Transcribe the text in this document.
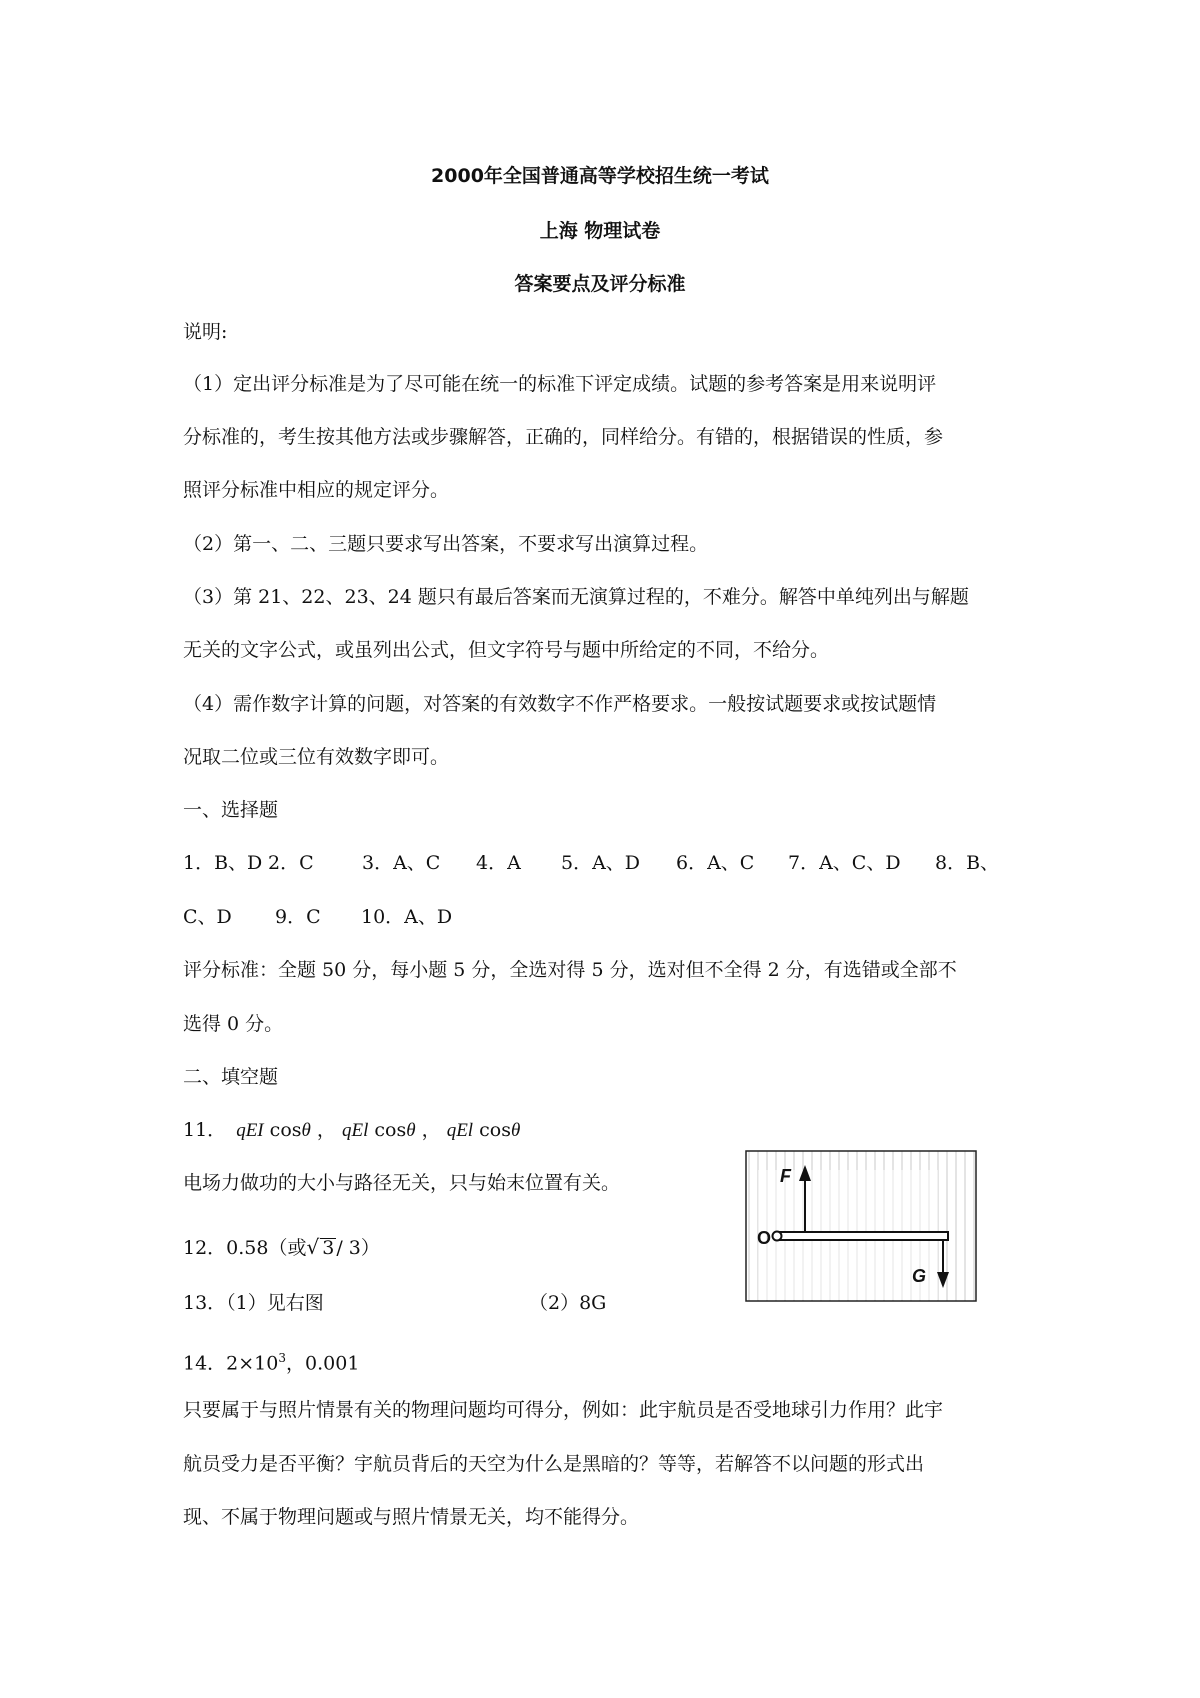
2000年全国普通高等学校招生统一考试
上海 物理试卷
答案要点及评分标准
说明:
（1）定出评分标准是为了尽可能在统一的标准下评定成绩。试题的参考答案是用来说明评
分标准的，考生按其他方法或步骤解答，正确的，同样给分。有错的，根据错误的性质，参
照评分标准中相应的规定评分。
（2）第一、二、三题只要求写出答案，不要求写出演算过程。
（3）第 21、22、23、24 题只有最后答案而无演算过程的，不难分。解答中单纯列出与解题
无关的文字公式，或虽列出公式，但文字符号与题中所给定的不同，不给分。
（4）需作数字计算的问题，对答案的有效数字不作严格要求。一般按试题要求或按试题情
况取二位或三位有效数字即可。
一、选择题
1．B、D 2．C	3．A、C 4．A 5．A、D 6．A、C 7．A、C、D 8．B、
C、D 9．C 10．A、D
评分标准：全题 50 分，每小题 5 分，全选对得 5 分，选对但不全得 2 分，有选错或全部不
选得 0 分。
二、填空题
11． qEI cosθ ， qEl cosθ ， qEl cosθ
电场力做功的大小与路径无关，只与始末位置有关。
12．0.58（或√ 3 / 3）
13．（1）见右图	（2）8G
14．$2\times 10^3$，0.001
只要属于与照片情景有关的物理问题均可得分，例如：此宇航员是否受地球引力作用？此宇
航员受力是否平衡？宇航员背后的天空为什么是黑暗的？等等，若解答不以问题的形式出
现、不属于物理问题或与照片情景无关，均不能得分。
F
O
G
